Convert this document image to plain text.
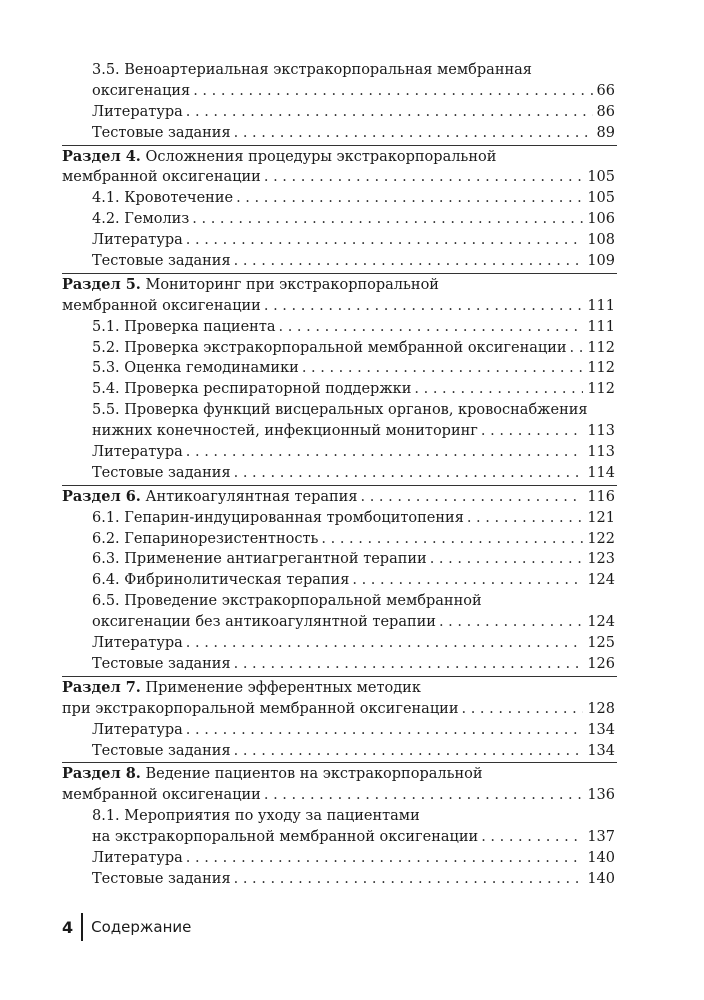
3.5. Веноартериальная экстракорпоральная мембранная
оксигенация . . .	66
Литература . . .	86
Тестовые задания . . .	89
Раздел 4. Осложнения процедуры экстракорпоральной
мембранной оксигенации . . .	105
4.1. Кровотечение . . .	105
4.2. Гемолиз . . .	106
Литература . . .	108
Тестовые задания . . .	109
Раздел 5. Мониторинг при экстракорпоральной
мембранной оксигенации . . .	111
5.1. Проверка пациента . . .	111
5.2. Проверка экстракорпоральной мембранной оксигенации . . . 112
5.3. Оценка гемодинамики . . .	112
5.4. Проверка респираторной поддержки . . .	112
5.5. Проверка функций висцеральных органов, кровоснабжения
нижних конечностей, инфекционный мониторинг . . .	113
Литература . . .	113
Тестовые задания . . .	114
Раздел 6. Антикоагулянтная терапия . . .	116
6.1. Гепарин-индуцированная тромбоцитопения . . .	121
6.2. Гепаринорезистентность . . .	122
6.3. Применение антиагрегантной терапии . . .	123
6.4. Фибринолитическая терапия . . .	124
6.5. Проведение экстракорпоральной мембранной
оксигенации без антикоагулянтной терапии . . .	124
Литература . . .	125
Тестовые задания . . .	126
Раздел 7. Применение эфферентных методик
при экстракорпоральной мембранной оксигенации . . .	128
Литература . . .	134
Тестовые задания . . .	134
Раздел 8. Ведение пациентов на экстракорпоральной
мембранной оксигенации . . .	136
8.1. Мероприятия по уходу за пациентами
на экстракорпоральной мембранной оксигенации . . .	137
Литература . . .	140
Тестовые задания . . .	140
4 Содержание
